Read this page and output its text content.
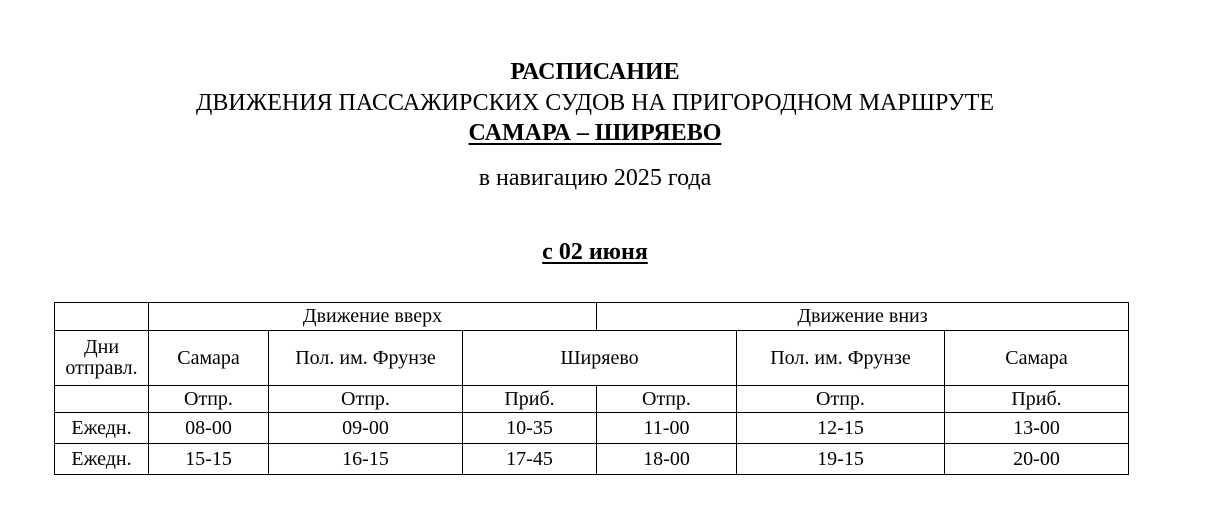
РАСПИСАНИЕ
ДВИЖЕНИЯ ПАССАЖИРСКИХ СУДОВ НА ПРИГОРОДНОМ МАРШРУТЕ
САМАРА – ШИРЯЕВО
в навигацию 2025 года
с 02 июня
	Движение вверх			Движение вниз		
Дни
отправл.	Самара	Пол. им. Фрунзе	Ширяево		Пол. им. Фрунзе	Самара
	Отпр.	Отпр.	Приб.	Отпр.	Отпр.	Приб.
Ежедн.	08-00	09-00	10-35	11-00	12-15	13-00
Ежедн.	15-15	16-15	17-45	18-00	19-15	20-00
